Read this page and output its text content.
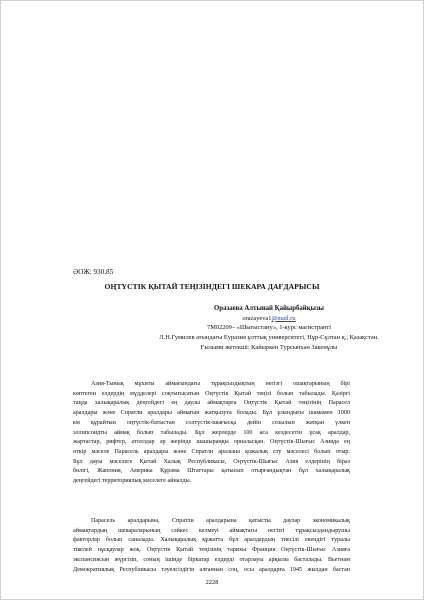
ӘОЖ: 930.85
ОҢТҮСТІК ҚЫТАЙ ТЕҢІЗІНДЕГІ ШЕКАРА ДАҒДАРЫСЫ
Оразаева Алтынай Қайырбайқызы
orazayeva1@mail.ru
7М02209– «Шығыстану», 1-курс магистранті
Л.Н.Гумилев атындағы Еуразия ұлттық университеті, Нұр-Сұлтан қ., Қазақстан.
Ғылыми жетекші: Кайыркен Турсынхан Закенұлы
Азия-Тынық мұхиты аймағындағы тұрақсыздықтың негізгі ошақтарының бірі
көптеген елдердің мүдделері соқтығысатын Оңтүстік Қытай теңізі болып табылады. Қазіргі
таңда халықаралық деңгейдегі ең даулы аймақтарға Оңтүстік Қытай теңізінің Парасел
аралдары және Спратли аралдары аймағын жатқызуға болады. Бұл ұзындығы шамамен 1000
км құрайтын оңтүстік-батыстан солтүстік-шығысқа дейін созылып жатқан үлкен
эллипсоидты аймақ болып табылады. Бұл жерлерде 100 аса кездесетін ұсақ аралдар,
жартастар, рифтер, атоллдар әр жерінде шашыраңқы орналасқан. Оңтүстік-Шығыс Азияда ең
өткір мәселе Парасель аралдары және Спратли аралына қожалық ету мәселесі болып отыр.
Бұл дауы мәселеге Қытай Халық Республикасы, Оңтүстік-Шығыс Азия елдерінің біраз
бөлігі, Жапония, Америка Құрама Штаттары қатысып отырғандықтан бұл халықаралық
деңгейдегі территориялық мәселеге айналды.
Парасель аралдарына, Спратли аралдарына қатысты даулар экономикалық
аймақтардың шекараларының сәйкес келмеуі аймақтағы негізгі тұрақсыздандырушы
факторлар болып саналады. Халықаралық құжатта бұл аралдардың тиесілі екендігі туралы
тікелей нұсқаулар жоқ. Оңтүстік Қытай теңізінің тарихы Франция Оңтүстік-Шығыс Азияға
экспансиясын жүргізіп, соның ішінде біркатар елдерді отарлауы арқылы басталады. Вьетнам
Демократиялық Республикасы тәуелсіздігін алғаннан соң, осы аралдарға 1945 жылдан бастап
2228
